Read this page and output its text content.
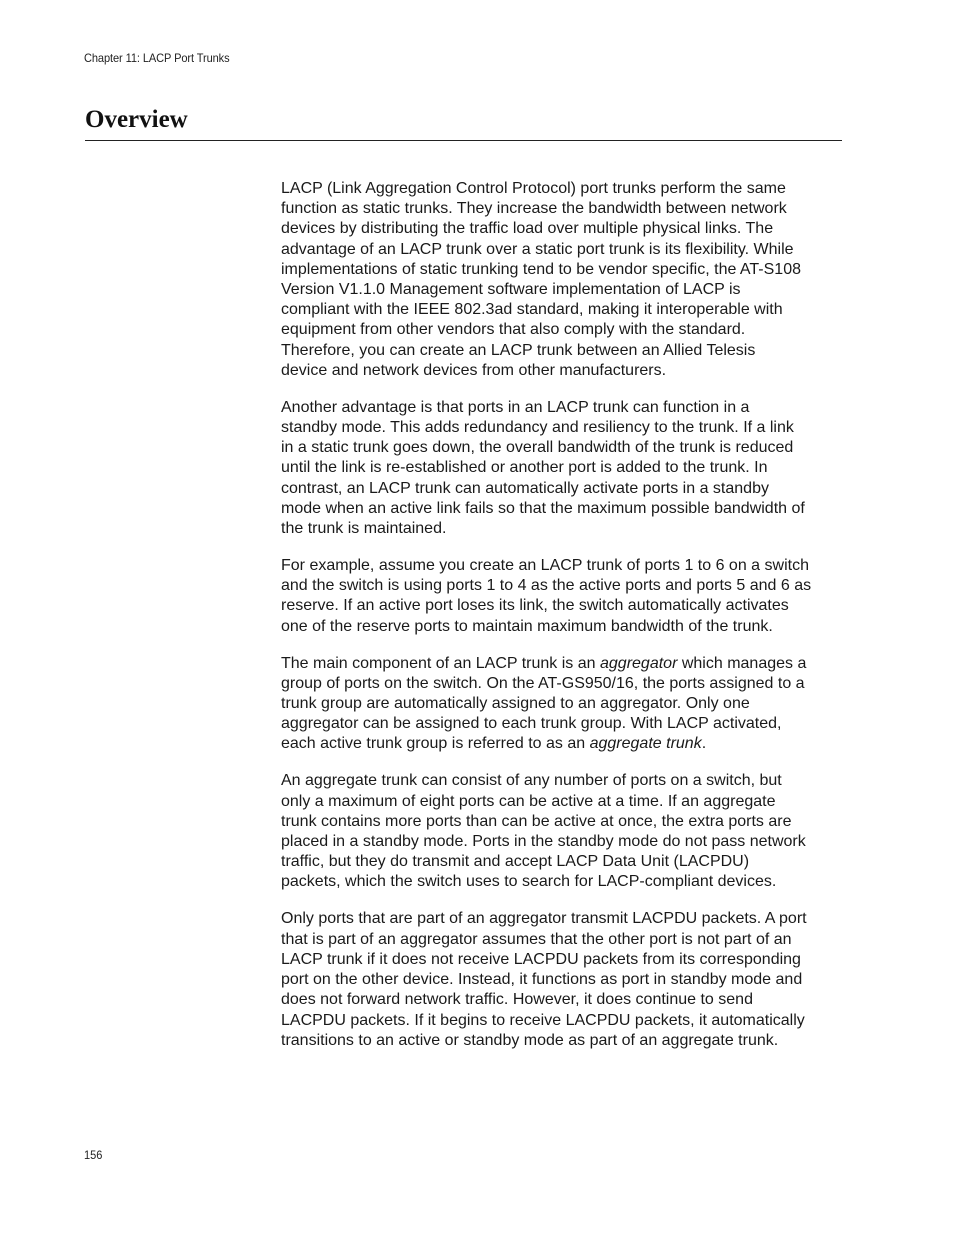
Chapter 11: LACP Port Trunks
Overview

LACP (Link Aggregation Control Protocol) port trunks perform the same
function as static trunks. They increase the bandwidth between network
devices by distributing the traffic load over multiple physical links. The
advantage of an LACP trunk over a static port trunk is its flexibility. While
implementations of static trunking tend to be vendor specific, the AT-S108
Version V1.1.0 Management software implementation of LACP is
compliant with the IEEE 802.3ad standard, making it interoperable with
equipment from other vendors that also comply with the standard.
Therefore, you can create an LACP trunk between an Allied Telesis
device and network devices from other manufacturers.

Another advantage is that ports in an LACP trunk can function in a
standby mode. This adds redundancy and resiliency to the trunk. If a link
in a static trunk goes down, the overall bandwidth of the trunk is reduced
until the link is re-established or another port is added to the trunk. In
contrast, an LACP trunk can automatically activate ports in a standby
mode when an active link fails so that the maximum possible bandwidth of
the trunk is maintained.

For example, assume you create an LACP trunk of ports 1 to 6 on a switch
and the switch is using ports 1 to 4 as the active ports and ports 5 and 6 as
reserve. If an active port loses its link, the switch automatically activates
one of the reserve ports to maintain maximum bandwidth of the trunk.

The main component of an LACP trunk is an aggregator which manages a
group of ports on the switch. On the AT-GS950/16, the ports assigned to a
trunk group are automatically assigned to an aggregator. Only one
aggregator can be assigned to each trunk group. With LACP activated,
each active trunk group is referred to as an aggregate trunk.

An aggregate trunk can consist of any number of ports on a switch, but
only a maximum of eight ports can be active at a time. If an aggregate
trunk contains more ports than can be active at once, the extra ports are
placed in a standby mode. Ports in the standby mode do not pass network
traffic, but they do transmit and accept LACP Data Unit (LACPDU)
packets, which the switch uses to search for LACP-compliant devices.

Only ports that are part of an aggregator transmit LACPDU packets. A port
that is part of an aggregator assumes that the other port is not part of an
LACP trunk if it does not receive LACPDU packets from its corresponding
port on the other device. Instead, it functions as port in standby mode and
does not forward network traffic. However, it does continue to send
LACPDU packets. If it begins to receive LACPDU packets, it automatically
transitions to an active or standby mode as part of an aggregate trunk.

156
